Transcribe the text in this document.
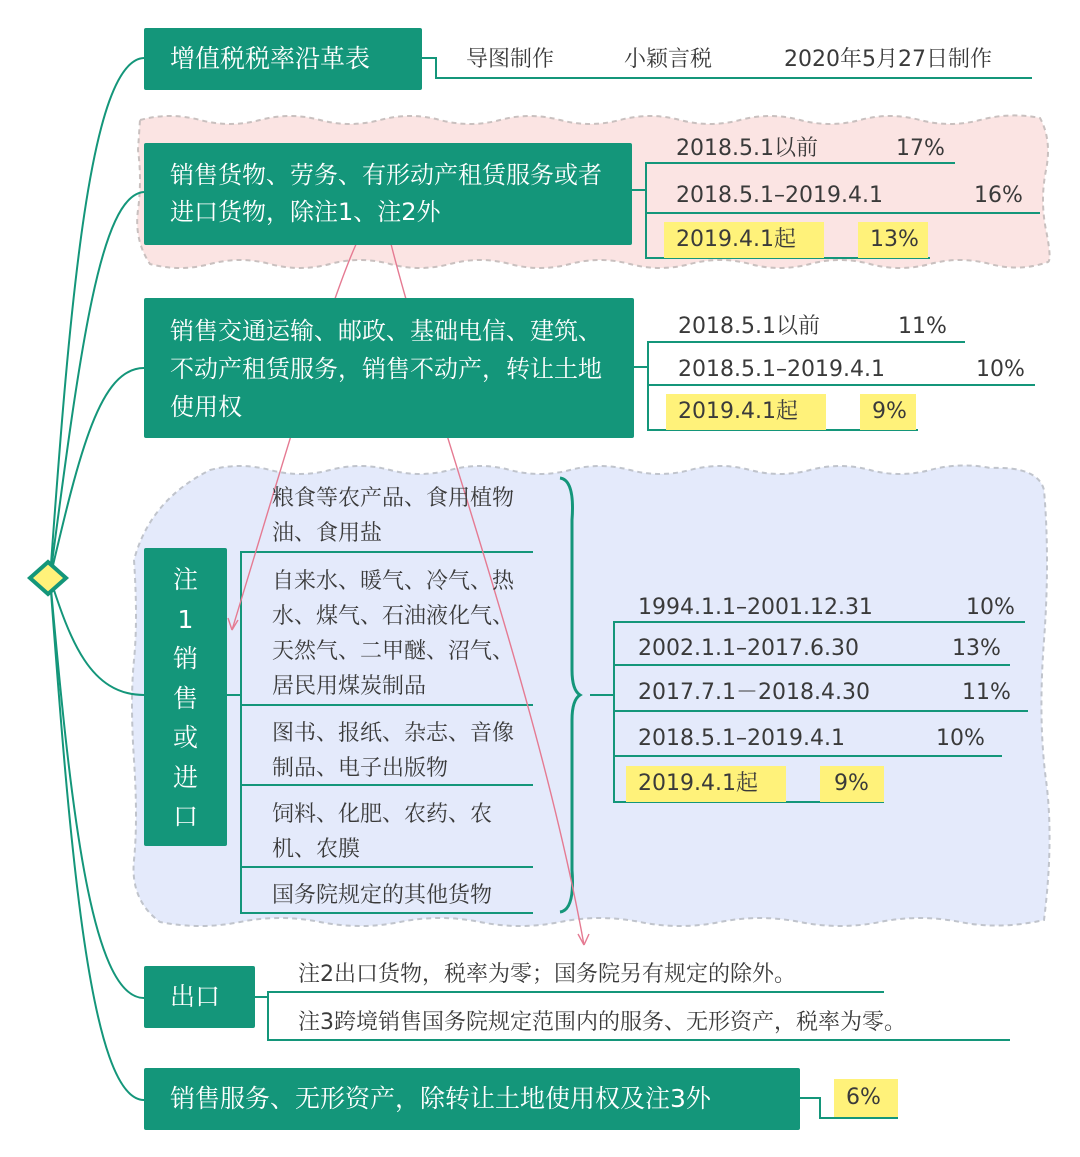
增值税税率沿革表	导图制作	小颖言税	2020年5月27日制作
销售货物、劳务、有形动产租赁服务或者进口货物，除注1、注2外
2018.5.1以前	17%
2018.5.1–2019.4.1	16%
2019.4.1起	13%
销售交通运输、邮政、基础电信、建筑、不动产租赁服务，销售不动产，转让土地使用权
2018.5.1以前	11%
2018.5.1–2019.4.1	10%
2019.4.1起	9%
注1销售或进口
粮食等农产品、食用植物油、食用盐
自来水、暖气、冷气、热水、煤气、石油液化气、天然气、二甲醚、沼气、居民用煤炭制品
图书、报纸、杂志、音像制品、电子出版物
饲料、化肥、农药、农机、农膜
国务院规定的其他货物
1994.1.1–2001.12.31	10%
2002.1.1–2017.6.30	13%
2017.7.1－2018.4.30	11%
2018.5.1–2019.4.1	10%
2019.4.1起	9%
出口
注2出口货物，税率为零；国务院另有规定的除外。
注3跨境销售国务院规定范围内的服务、无形资产，税率为零。
销售服务、无形资产，除转让土地使用权及注3外	6%
